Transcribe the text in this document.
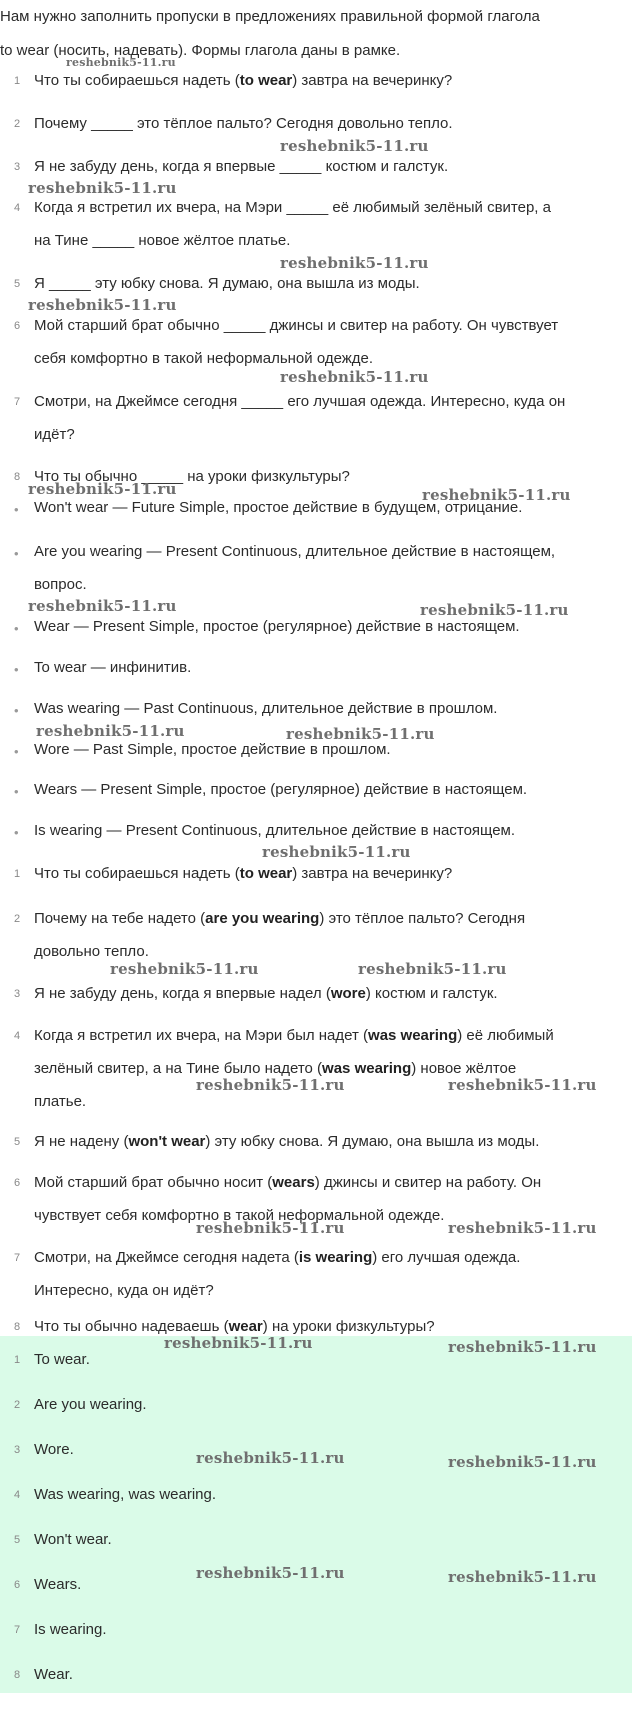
Нам нужно заполнить пропуски в предложениях правильной формой глагола
to wear (носить, надевать). Формы глагола даны в рамке.
1 Что ты собираешься надеть (to wear) завтра на вечеринку?
2 Почему _____ это тёплое пальто? Сегодня довольно тепло.
3 Я не забуду день, когда я впервые _____ костюм и галстук.
4 Когда я встретил их вчера, на Мэри _____ её любимый зелёный свитер, а
на Тине _____ новое жёлтое платье.
5 Я _____ эту юбку снова. Я думаю, она вышла из моды.
6 Мой старший брат обычно _____ джинсы и свитер на работу. Он чувствует
себя комфортно в такой неформальной одежде.
7 Смотри, на Джеймсе сегодня _____ его лучшая одежда. Интересно, куда он
идёт?
8 Что ты обычно _____ на уроки физкультуры?
• Won't wear — Future Simple, простое действие в будущем, отрицание.
• Are you wearing — Present Continuous, длительное действие в настоящем,
вопрос.
• Wear — Present Simple, простое (регулярное) действие в настоящем.
• To wear — инфинитив.
• Was wearing — Past Continuous, длительное действие в прошлом.
• Wore — Past Simple, простое действие в прошлом.
• Wears — Present Simple, простое (регулярное) действие в настоящем.
• Is wearing — Present Continuous, длительное действие в настоящем.
1 Что ты собираешься надеть (to wear) завтра на вечеринку?
2 Почему на тебе надето (are you wearing) это тёплое пальто? Сегодня
довольно тепло.
3 Я не забуду день, когда я впервые надел (wore) костюм и галстук.
4 Когда я встретил их вчера, на Мэри был надет (was wearing) её любимый
зелёный свитер, а на Тине было надето (was wearing) новое жёлтое
платье.
5 Я не надену (won't wear) эту юбку снова. Я думаю, она вышла из моды.
6 Мой старший брат обычно носит (wears) джинсы и свитер на работу. Он
чувствует себя комфортно в такой неформальной одежде.
7 Смотри, на Джеймсе сегодня надета (is wearing) его лучшая одежда.
Интересно, куда он идёт?
8 Что ты обычно надеваешь (wear) на уроки физкультуры?
1 To wear.
2 Are you wearing.
3 Wore.
4 Was wearing, was wearing.
5 Won't wear.
6 Wears.
7 Is wearing.
8 Wear.
reshebnik5-11.ru
reshebnik5-11.ru
reshebnik5-11.ru
reshebnik5-11.ru
reshebnik5-11.ru
reshebnik5-11.ru
reshebnik5-11.ru	reshebnik5-11.ru
reshebnik5-11.ru	reshebnik5-11.ru
reshebnik5-11.ru	reshebnik5-11.ru
reshebnik5-11.ru
reshebnik5-11.ru	reshebnik5-11.ru
reshebnik5-11.ru	reshebnik5-11.ru
reshebnik5-11.ru	reshebnik5-11.ru
reshebnik5-11.ru	reshebnik5-11.ru
reshebnik5-11.ru	reshebnik5-11.ru
reshebnik5-11.ru	reshebnik5-11.ru
